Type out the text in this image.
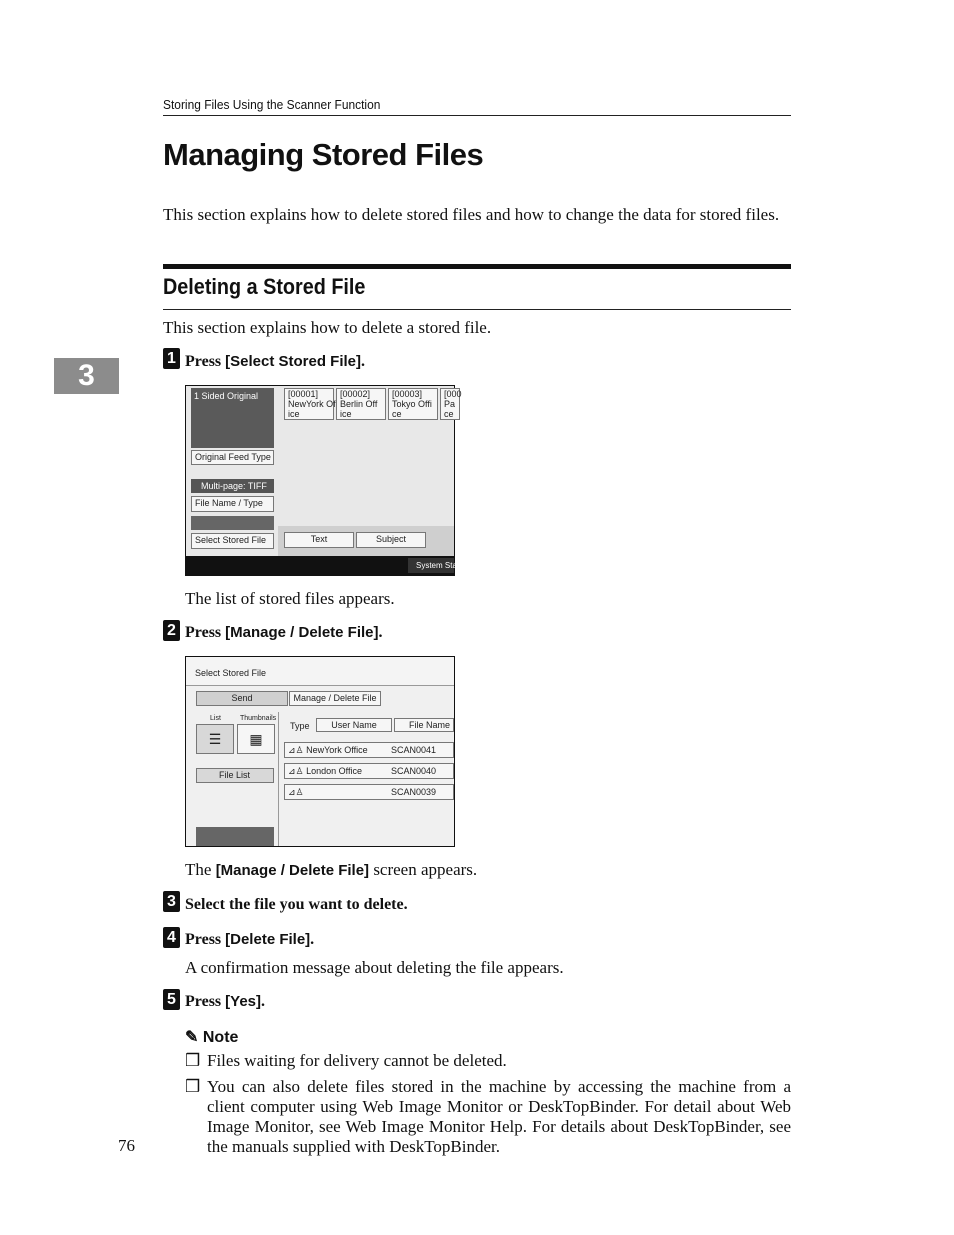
Storing Files Using the Scanner Function
Managing Stored Files
This section explains how to delete stored files and how to change the data for stored files.
Deleting a Stored File
This section explains how to delete a stored file.
3
1 Press [Select Stored File].
1 Sided Original
Original Feed Type
Multi-page: TIFF
File Name / Type
Select Stored File
[00001]
NewYork Of
ice
[00002]
Berlin Off
ice
[00003]
Tokyo Offi
ce
[000
Pa
ce
Text	Subject
System Stat
The list of stored files appears.
2 Press [Manage / Delete File].
Select Stored File
Send	Manage / Delete File
List	Thumbnails
☰	▦
File List
Type	User Name	File Name
⊿♙ NewYork Office	SCAN0041
⊿♙ London Office	SCAN0040
⊿♙	SCAN0039
The [Manage / Delete File] screen appears.
3 Select the file you want to delete.
4 Press [Delete File].
A confirmation message about deleting the file appears.
5 Press [Yes].
✎ Note
❒ Files waiting for delivery cannot be deleted.
❒ You can also delete files stored in the machine by accessing the machine from a client computer using Web Image Monitor or DeskTopBinder. For detail about Web Image Monitor, see Web Image Monitor Help. For details about DeskTopBinder, see the manuals supplied with DeskTopBinder.
76
